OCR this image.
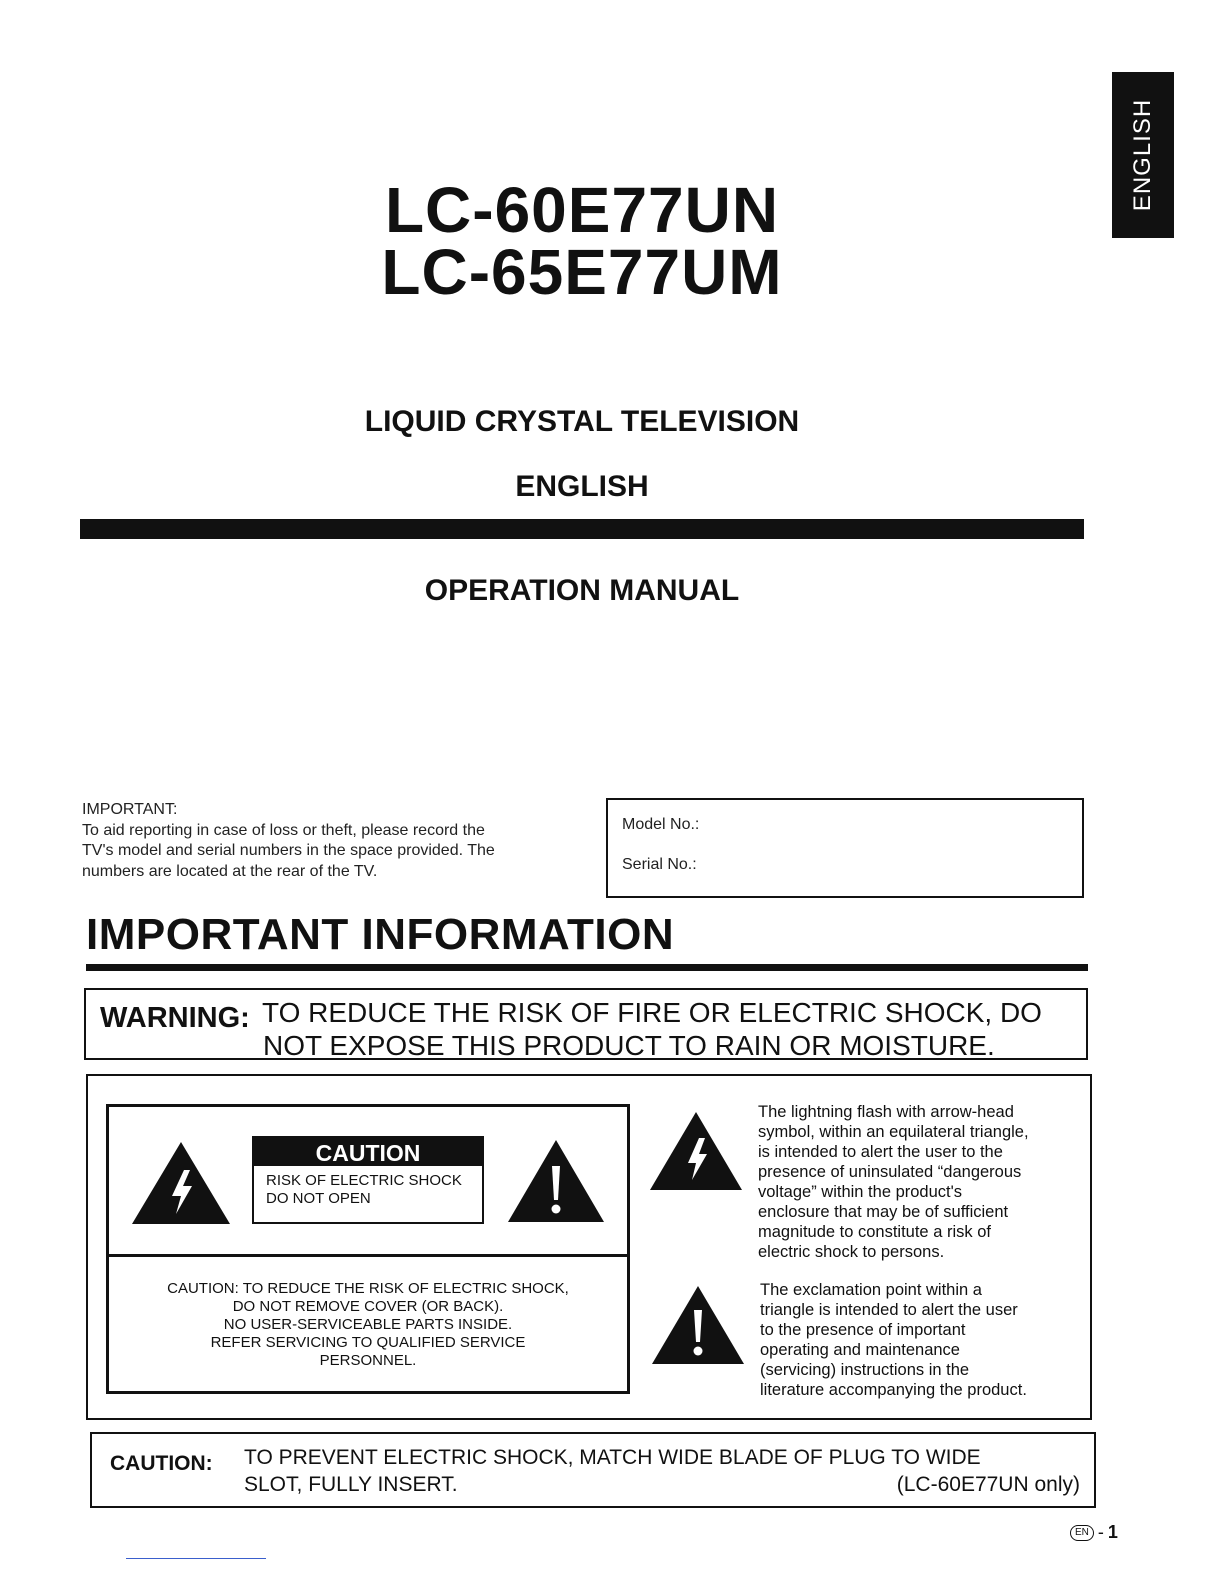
ENGLISH
LC-60E77UN
LC-65E77UM
LIQUID CRYSTAL TELEVISION
ENGLISH
OPERATION MANUAL
IMPORTANT:
To aid reporting in case of loss or theft, please record the
TV's model and serial numbers in the space provided. The
numbers are located at the rear of the TV.
Model No.:
Serial No.:
IMPORTANT INFORMATION
WARNING: TO REDUCE THE RISK OF FIRE OR ELECTRIC SHOCK, DO
NOT EXPOSE THIS PRODUCT TO RAIN OR MOISTURE.
CAUTION
RISK OF ELECTRIC SHOCK
DO NOT OPEN
CAUTION: TO REDUCE THE RISK OF ELECTRIC SHOCK,
DO NOT REMOVE COVER (OR BACK).
NO USER-SERVICEABLE PARTS INSIDE.
REFER SERVICING TO QUALIFIED SERVICE
PERSONNEL.
The lightning flash with arrow-head
symbol, within an equilateral triangle,
is intended to alert the user to the
presence of uninsulated “dangerous
voltage” within the product's
enclosure that may be of sufficient
magnitude to constitute a risk of
electric shock to persons.
The exclamation point within a
triangle is intended to alert the user
to the presence of important
operating and maintenance
(servicing) instructions in the
literature accompanying the product.
CAUTION: TO PREVENT ELECTRIC SHOCK, MATCH WIDE BLADE OF PLUG TO WIDE
SLOT, FULLY INSERT.	(LC-60E77UN only)
EN - 1
